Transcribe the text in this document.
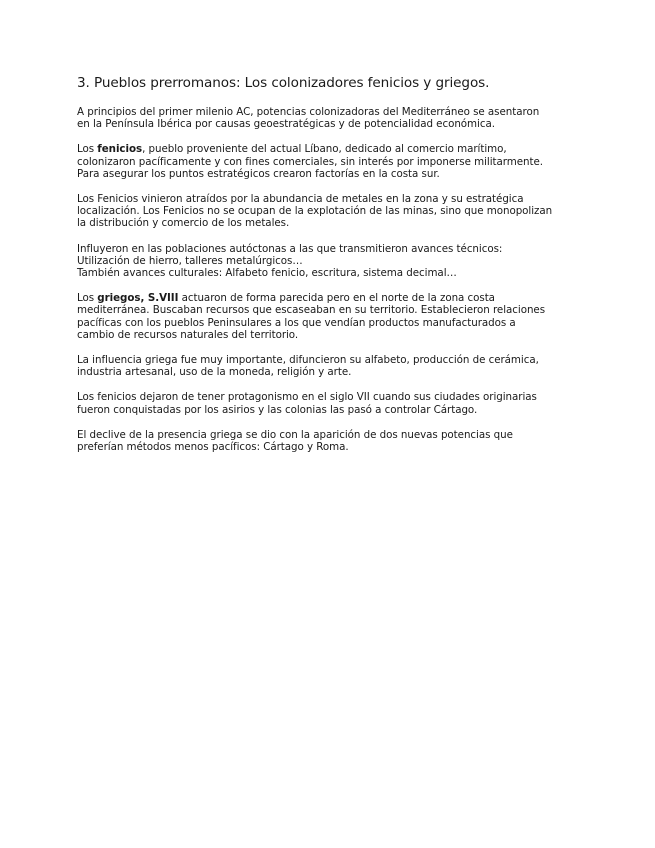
3. Pueblos prerromanos: Los colonizadores fenicios y griegos.

A principios del primer milenio AC, potencias colonizadoras del Mediterráneo se asentaron
en la Península Ibérica por causas geoestratégicas y de potencialidad económica.

Los fenicios, pueblo proveniente del actual Líbano, dedicado al comercio marítimo,
colonizaron pacíficamente y con fines comerciales, sin interés por imponerse militarmente.
Para asegurar los puntos estratégicos crearon factorías en la costa sur.

Los Fenicios vinieron atraídos por la abundancia de metales en la zona y su estratégica
localización. Los Fenicios no se ocupan de la explotación de las minas, sino que monopolizan
la distribución y comercio de los metales.

Influyeron en las poblaciones autóctonas a las que transmitieron avances técnicos:
Utilización de hierro, talleres metalúrgicos…
También avances culturales: Alfabeto fenicio, escritura, sistema decimal…

Los griegos, S.VIII actuaron de forma parecida pero en el norte de la zona costa
mediterránea. Buscaban recursos que escaseaban en su territorio. Establecieron relaciones
pacíficas con los pueblos Peninsulares a los que vendían productos manufacturados a
cambio de recursos naturales del territorio.

La influencia griega fue muy importante, difuncieron su alfabeto, producción de cerámica,
industria artesanal, uso de la moneda, religión y arte.

Los fenicios dejaron de tener protagonismo en el siglo VII cuando sus ciudades originarias
fueron conquistadas por los asirios y las colonias las pasó a controlar Cártago.

El declive de la presencia griega se dio con la aparición de dos nuevas potencias que
preferían métodos menos pacíficos: Cártago y Roma.
